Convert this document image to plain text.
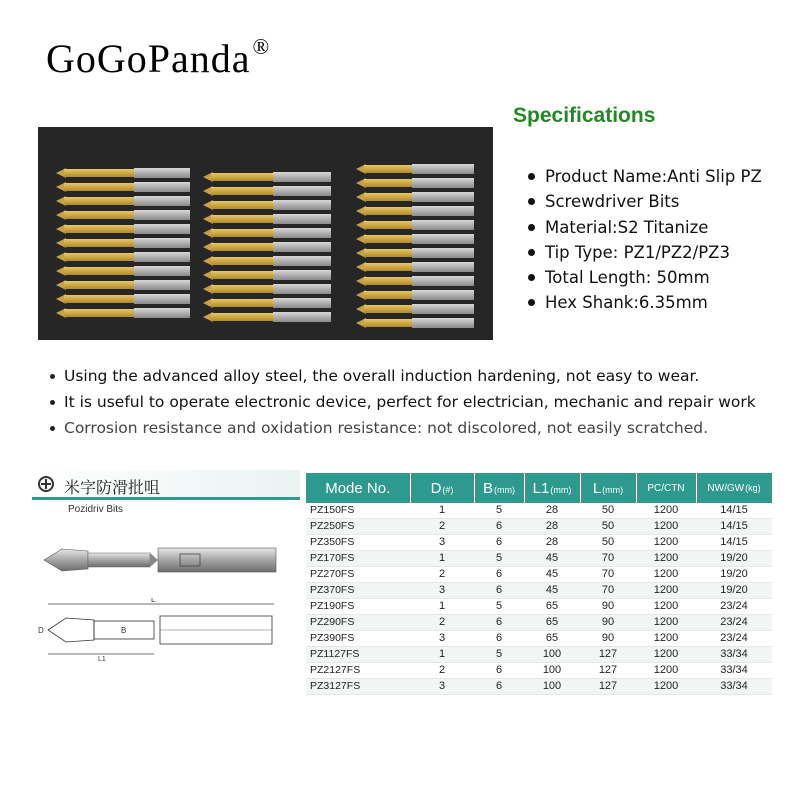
GoGoPanda®
Specifications
Product Name:Anti Slip PZ
Screwdriver Bits
Material:S2 Titanize
Tip Type: PZ1/PZ2/PZ3
Total Length: 50mm
Hex Shank:6.35mm
Using the advanced alloy steel, the overall induction hardening, not easy to wear.
It is useful to operate electronic device, perfect for electrician, mechanic and repair work
Corrosion resistance and oxidation resistance: not discolored, not easily scratched.
米字防滑批咀
Pozidriv Bits
L
L1
D	B
Mode No.	D(#)	B(mm)	L1(mm)	L(mm)	PC/CTN	NW/GW(kg)
PZ150FS	1	5	28	50	1200	14/15
PZ250FS	2	6	28	50	1200	14/15
PZ350FS	3	6	28	50	1200	14/15
PZ170FS	1	5	45	70	1200	19/20
PZ270FS	2	6	45	70	1200	19/20
PZ370FS	3	6	45	70	1200	19/20
PZ190FS	1	5	65	90	1200	23/24
PZ290FS	2	6	65	90	1200	23/24
PZ390FS	3	6	65	90	1200	23/24
PZ1127FS	1	5	100	127	1200	33/34
PZ2127FS	2	6	100	127	1200	33/34
PZ3127FS	3	6	100	127	1200	33/34
